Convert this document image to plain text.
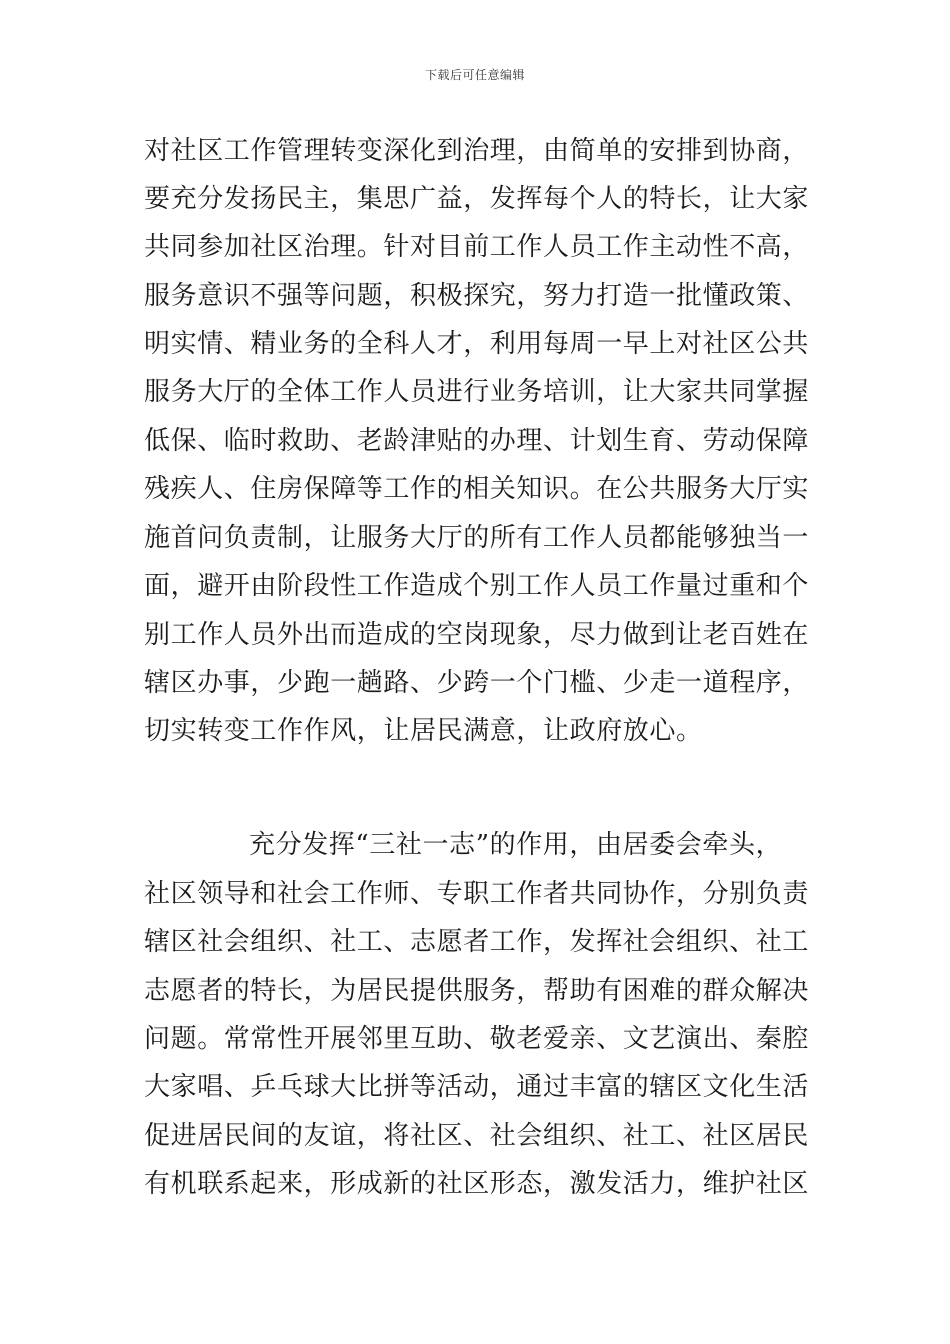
下载后可任意编辑
对社区工作管理转变深化到治理，由简单的安排到协商，
要充分发扬民主，集思广益，发挥每个人的特长，让大家
共同参加社区治理。针对目前工作人员工作主动性不高，
服务意识不强等问题，积极探究，努力打造一批懂政策、
明实情、精业务的全科人才，利用每周一早上对社区公共
服务大厅的全体工作人员进行业务培训，让大家共同掌握
低保、临时救助、老龄津贴的办理、计划生育、劳动保障
残疾人、住房保障等工作的相关知识。在公共服务大厅实
施首问负责制，让服务大厅的所有工作人员都能够独当一
面，避开由阶段性工作造成个别工作人员工作量过重和个
别工作人员外出而造成的空岗现象，尽力做到让老百姓在
辖区办事，少跑一趟路、少跨一个门槛、少走一道程序，
切实转变工作作风，让居民满意，让政府放心。
充分发挥“三社一志”的作用，由居委会牵头，
社区领导和社会工作师、专职工作者共同协作，分别负责
辖区社会组织、社工、志愿者工作，发挥社会组织、社工
志愿者的特长，为居民提供服务，帮助有困难的群众解决
问题。常常性开展邻里互助、敬老爱亲、文艺演出、秦腔
大家唱、乒乓球大比拼等活动，通过丰富的辖区文化生活
促进居民间的友谊，将社区、社会组织、社工、社区居民
有机联系起来，形成新的社区形态，激发活力，维护社区
